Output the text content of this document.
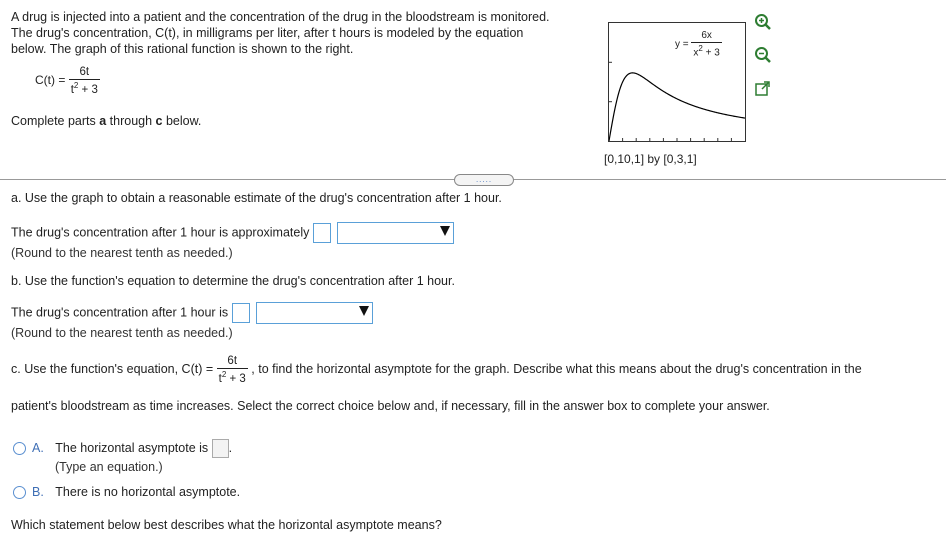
A drug is injected into a patient and the concentration of the drug in the bloodstream is monitored.
The drug's concentration, C(t), in milligrams per liter, after t hours is modeled by the equation
below. The graph of this rational function is shown to the right.
$C(t) = \frac{6t}{t^2 + 3}$
Complete parts a through c below.
$y = \frac{6x}{x^2 + 3}$
[0,10,1] by [0,3,1]
.....
a. Use the graph to obtain a reasonable estimate of the drug's concentration after 1 hour.
The drug's concentration after 1 hour is approximately
(Round to the nearest tenth as needed.)
b. Use the function's equation to determine the drug's concentration after 1 hour.
The drug's concentration after 1 hour is
(Round to the nearest tenth as needed.)
c. Use the function's equation, $C(t) = \frac{6t}{t^2 + 3}$ , to find the horizontal asymptote for the graph. Describe what this means about the drug's concentration in the
patient's bloodstream as time increases. Select the correct choice below and, if necessary, fill in the answer box to complete your answer.
A. The horizontal asymptote is .
(Type an equation.)
B. There is no horizontal asymptote.
Which statement below best describes what the horizontal asymptote means?
